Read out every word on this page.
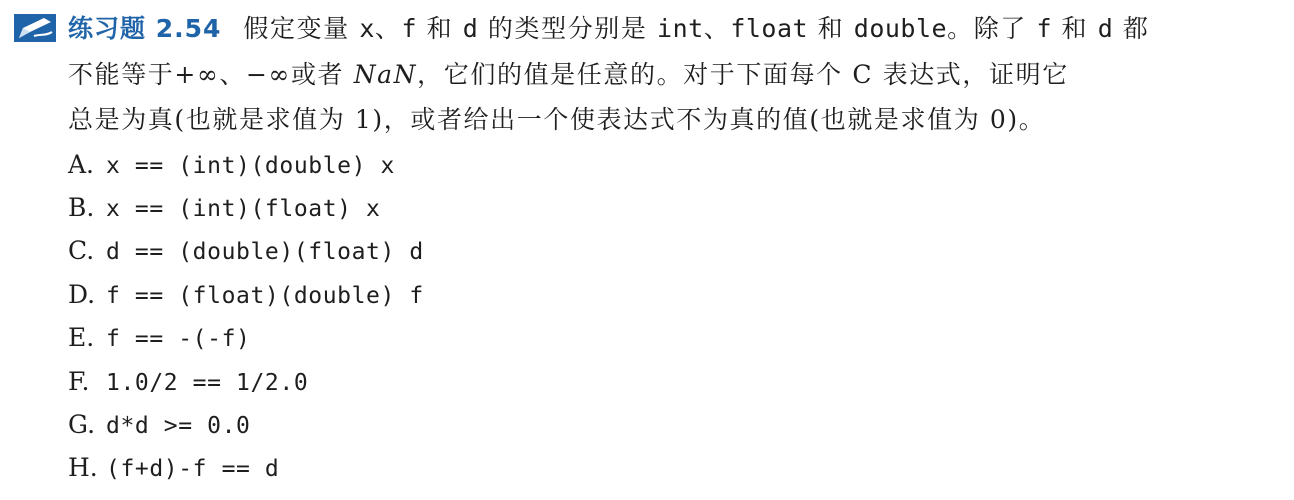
练习题 2.54 假定变量 x、f 和 d 的类型分别是 int、float 和 double。除了 f 和 d 都
不能等于+∞、−∞或者 NaN，它们的值是任意的。对于下面每个 C 表达式，证明它
总是为真(也就是求值为 1)，或者给出一个使表达式不为真的值(也就是求值为 0)。
A. x == (int)(double) x
B. x == (int)(float) x
C. d == (double)(float) d
D. f == (float)(double) f
E. f == -(-f)
F. 1.0/2 == 1/2.0
G. d*d >= 0.0
H. (f+d)-f == d
